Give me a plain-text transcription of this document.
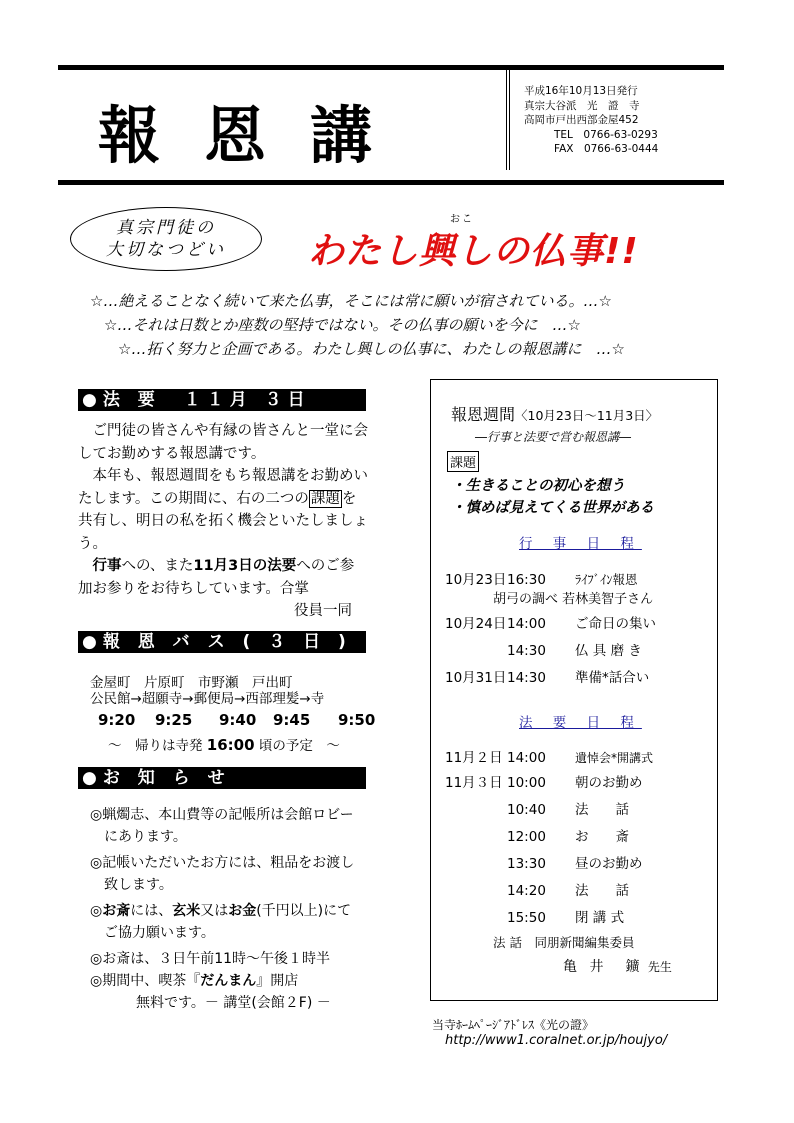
報恩講
平成16年10月13日発行
真宗大谷派　光　證　寺
高岡市戸出西部金屋452
TEL　0766-63-0293
FAX　0766-63-0444
真宗門徒の
大切なつどい
おこ
わたし興しの仏事!!
☆…絶えることなく続いて来た仏事，そこには常に願いが宿されている。…☆
☆…それは日数とか座数の堅持ではない。その仏事の願いを今に　…☆
☆…拓く努力と企画である。わたし興しの仏事に、わたしの報恩講に　…☆
●法 要　１１月 ３日
　ご門徒の皆さんや有縁の皆さんと一堂に会してお勤めする報恩講です。
　本年も、報恩週間をもち報恩講をお勤めいたします。この期間に、右の二つの 課題 を共有し、明日の私を拓く機会といたしましょう。
　行事への、また11月3日の法要へのご参加お参りをお待ちしています。合掌
役員一同
●報 恩 バ ス ( ３ 日 )
金屋町　片原町　市野瀬　戸出町
公民館→超願寺→郵便局→西部理髪→寺
9:20 9:25 9:40 9:45 9:50
～　帰りは寺発 16:00 頃の予定　～
●お 知 ら せ
◎蝋燭志、本山費等の記帳所は会館ロビーにあります。
◎記帳いただいたお方には、粗品をお渡し致します。
◎お斎には、玄米又はお金(千円以上)にてご協力願います。
◎お斎は、３日午前11時～午後１時半
◎期間中、喫茶『だんまん』開店
無料です。－ 講堂(会館２F) －
報恩週間〈10月23日～11月3日〉
―行事と法要で営む報恩講―
課題
・生きることの初心を想う
・慎めば見えてくる世界がある
行 事 日 程
10月23日16:30 ﾗｲﾌﾞｲﾝ報恩
胡弓の調べ 若林美智子さん
10月24日14:00 ご命日の集い
14:30 仏 具 磨 き
10月31日14:30 準備*話合い
法 要 日 程
11月２日 14:00 遺悼会*開講式
11月３日 10:00 朝のお勤め
10:40 法　　話
12:00 お　　斎
13:30 昼のお勤め
14:20 法　　話
15:50 閉 講 式
法 話　同朋新聞編集委員
亀 井　鑛 先生
当寺ﾎｰﾑﾍﾟｰｼﾞｱﾄﾞﾚｽ《光の證》
http://www1.coralnet.or.jp/houjyo/
